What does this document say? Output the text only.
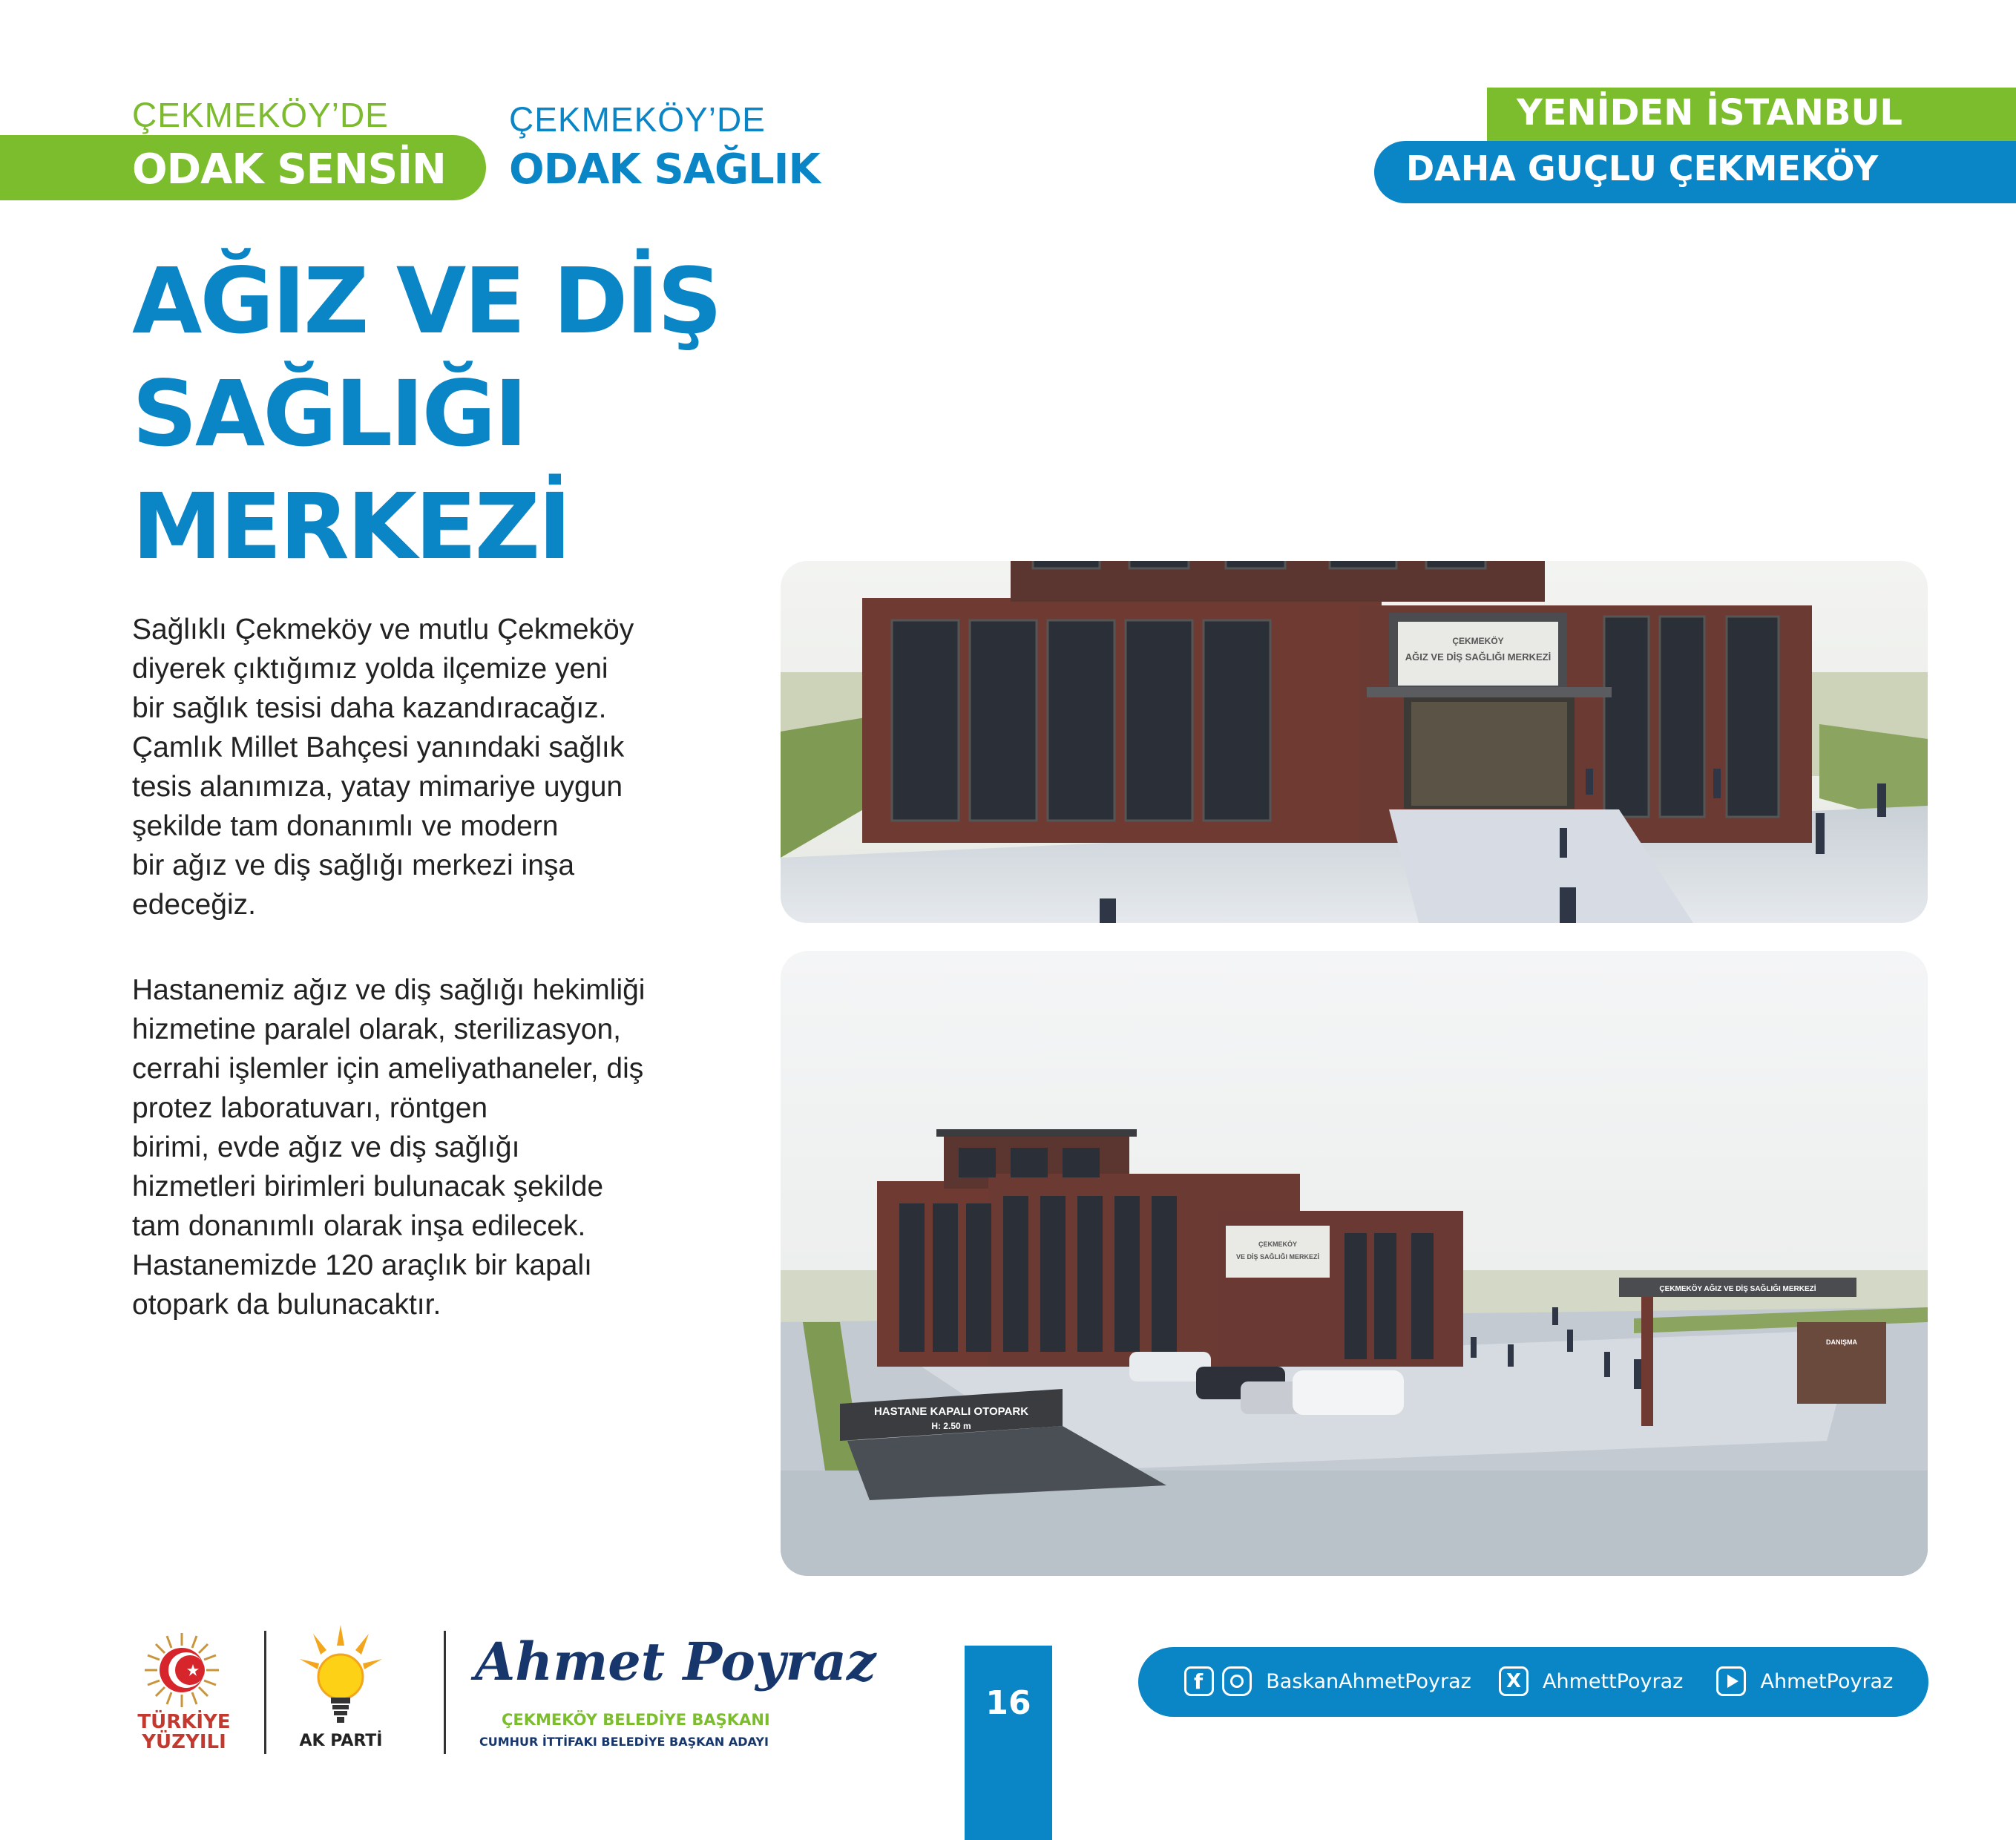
ÇEKMEKÖY’DE
ODAK SENSİN
ÇEKMEKÖY’DE
ODAK SAĞLIK
YENİDEN İSTANBUL
DAHA GUÇLU ÇEKMEKÖY
AĞIZ VE DİŞ
SAĞLIĞI
MERKEZİ
Sağlıklı Çekmeköy ve mutlu Çekmeköy
diyerek çıktığımız yolda ilçemize yeni
bir sağlık tesisi daha kazandıracağız.
Çamlık Millet Bahçesi yanındaki sağlık
tesis alanımıza, yatay mimariye uygun
şekilde tam donanımlı ve modern
bir ağız ve diş sağlığı merkezi inşa
edeceğiz.
Hastanemiz ağız ve diş sağlığı hekimliği
hizmetine paralel olarak, sterilizasyon,
cerrahi işlemler için ameliyathaneler, diş
protez laboratuvarı, röntgen
birimi, evde ağız ve diş sağlığı
hizmetleri birimleri bulunacak şekilde
tam donanımlı olarak inşa edilecek.
Hastanemizde 120 araçlık bir kapalı
otopark da bulunacaktır.
ÇEKMEKÖY
AĞIZ VE DİŞ SAĞLIĞI MERKEZİ
ÇEKMEKÖY
VE DİŞ SAĞLIĞI MERKEZİ
HASTANE KAPALI OTOPARK
H: 2.50 m
ÇEKMEKÖY AĞIZ VE DİŞ SAĞLIĞI MERKEZİ
DANIŞMA
TÜRKİYE
YÜZYILI	AK PARTİ
Ahmet Poyraz
ÇEKMEKÖY BELEDİYE BAŞKANI
CUMHUR İTTİFAKI BELEDİYE BAŞKAN ADAYI
16
f
	BaskanAhmetPoyraz X AhmettPoyraz	AhmetPoyraz
